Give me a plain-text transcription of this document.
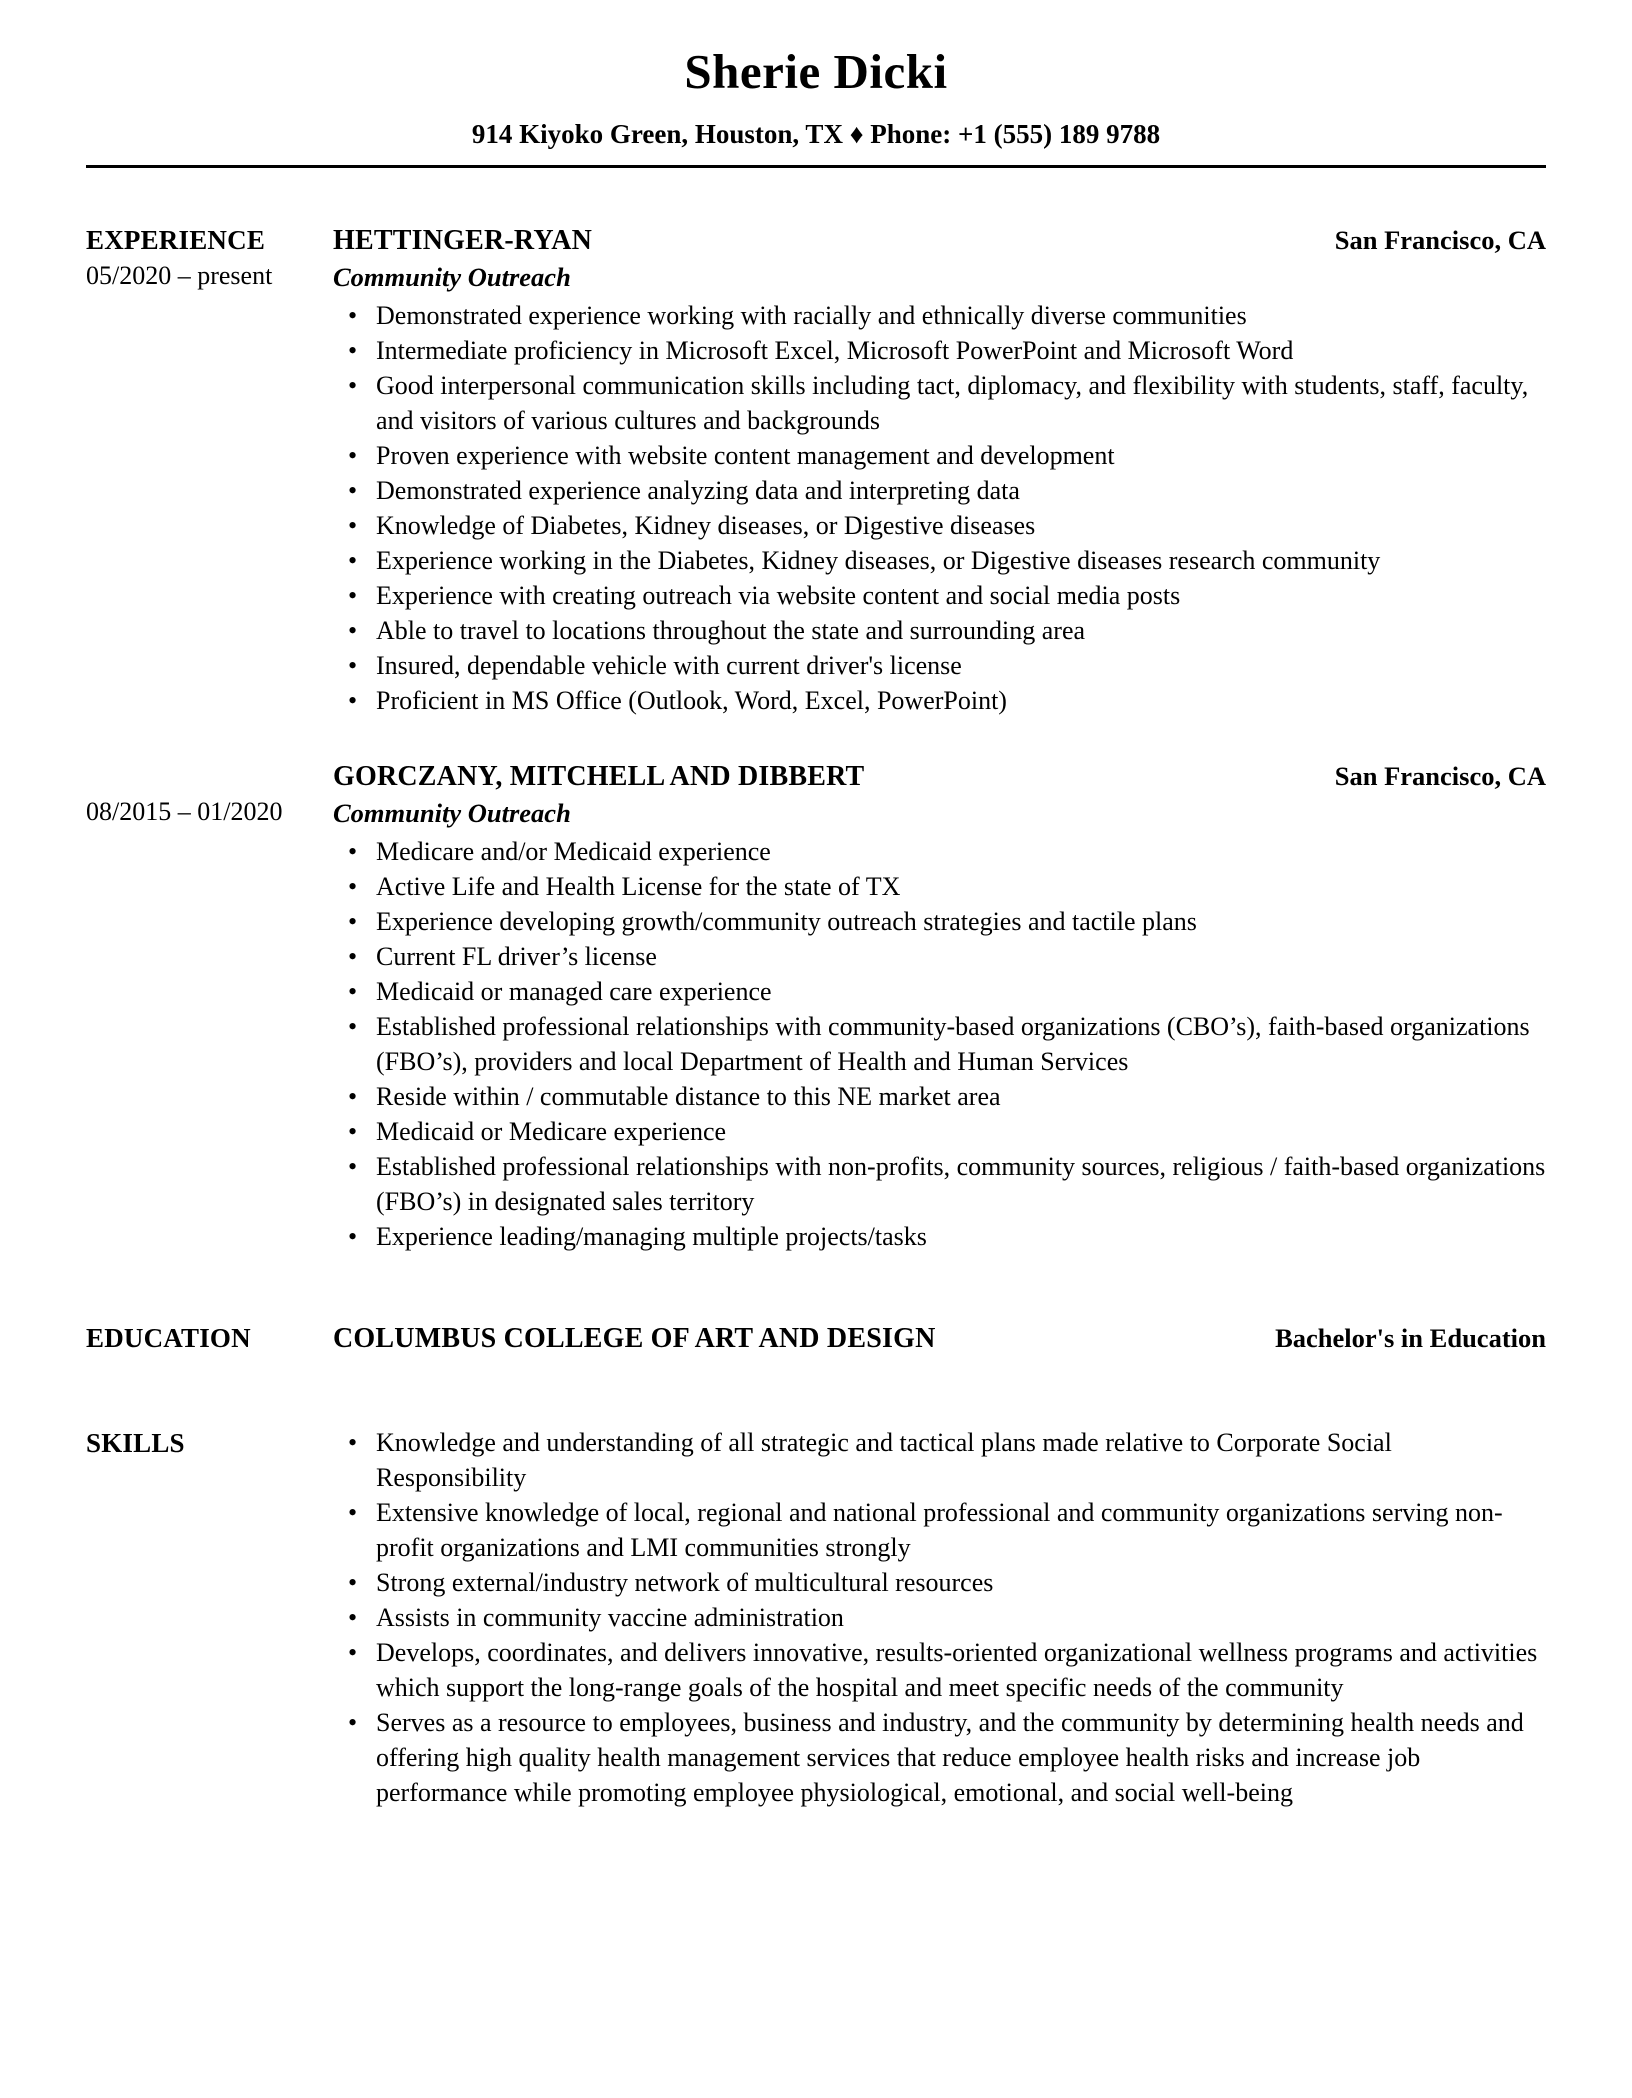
Sherie Dicki
914 Kiyoko Green, Houston, TX ♦ Phone: +1 (555) 189 9788
EXPERIENCE
05/2020 – present
HETTINGER-RYAN	San Francisco, CA
Community Outreach
• Demonstrated experience working with racially and ethnically diverse communities
• Intermediate proficiency in Microsoft Excel, Microsoft PowerPoint and Microsoft Word
• Good interpersonal communication skills including tact, diplomacy, and flexibility with students, staff, faculty, and visitors of various cultures and backgrounds
• Proven experience with website content management and development
• Demonstrated experience analyzing data and interpreting data
• Knowledge of Diabetes, Kidney diseases, or Digestive diseases
• Experience working in the Diabetes, Kidney diseases, or Digestive diseases research community
• Experience with creating outreach via website content and social media posts
• Able to travel to locations throughout the state and surrounding area
• Insured, dependable vehicle with current driver's license
• Proficient in MS Office (Outlook, Word, Excel, PowerPoint)
08/2015 – 01/2020
GORCZANY, MITCHELL AND DIBBERT	San Francisco, CA
Community Outreach
• Medicare and/or Medicaid experience
• Active Life and Health License for the state of TX
• Experience developing growth/community outreach strategies and tactile plans
• Current FL driver’s license
• Medicaid or managed care experience
• Established professional relationships with community-based organizations (CBO’s), faith-based organizations (FBO’s), providers and local Department of Health and Human Services
• Reside within / commutable distance to this NE market area
• Medicaid or Medicare experience
• Established professional relationships with non-profits, community sources, religious / faith-based organizations (FBO’s) in designated sales territory
• Experience leading/managing multiple projects/tasks
EDUCATION	COLUMBUS COLLEGE OF ART AND DESIGN	Bachelor's in Education
SKILLS	• Knowledge and understanding of all strategic and tactical plans made relative to Corporate Social Responsibility
• Extensive knowledge of local, regional and national professional and community organizations serving non-profit organizations and LMI communities strongly
• Strong external/industry network of multicultural resources
• Assists in community vaccine administration
• Develops, coordinates, and delivers innovative, results-oriented organizational wellness programs and activities which support the long-range goals of the hospital and meet specific needs of the community
• Serves as a resource to employees, business and industry, and the community by determining health needs and offering high quality health management services that reduce employee health risks and increase job performance while promoting employee physiological, emotional, and social well-being
